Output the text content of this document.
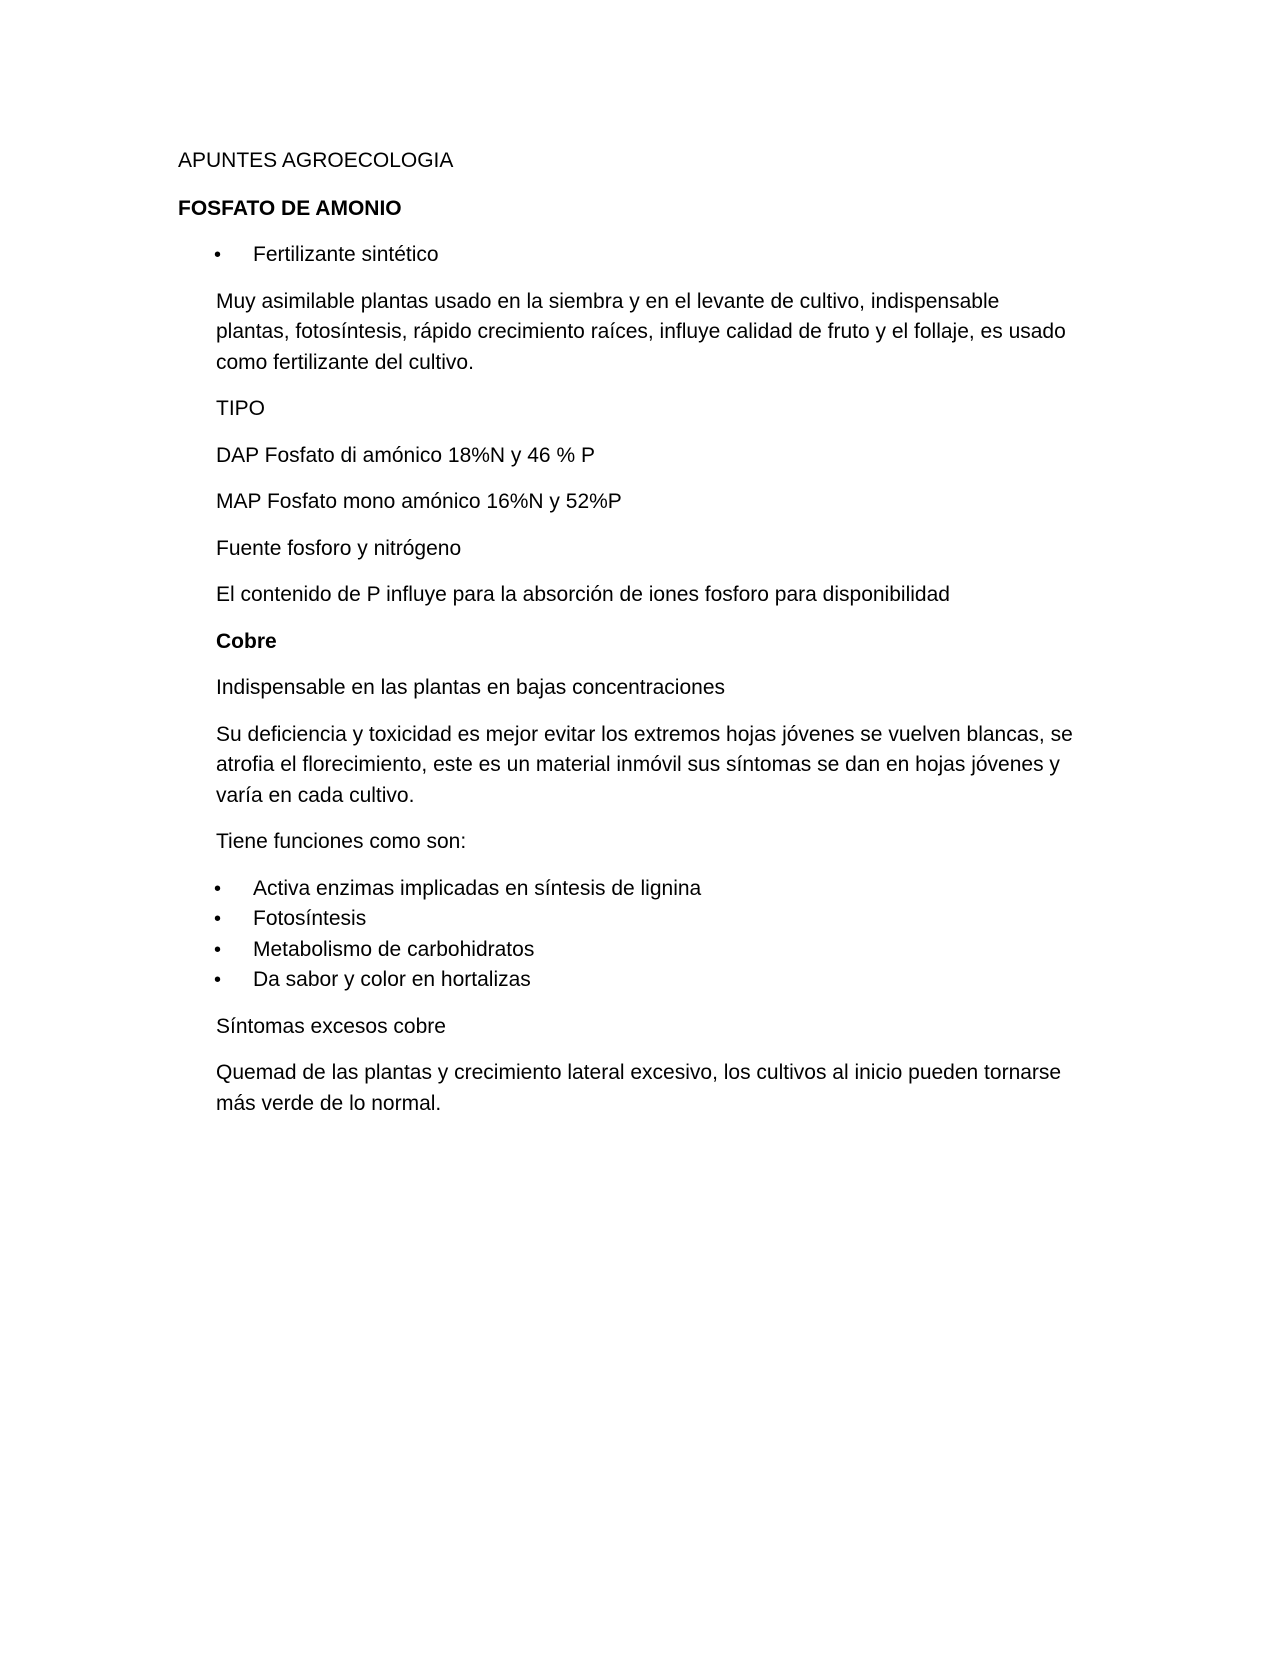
APUNTES AGROECOLOGIA

FOSFATO DE AMONIO

•	Fertilizante sintético

Muy asimilable plantas usado en la siembra y en el levante de cultivo, indispensable plantas, fotosíntesis, rápido crecimiento raíces, influye calidad de fruto y el follaje, es usado como fertilizante del cultivo.

TIPO

DAP Fosfato di amónico 18%N y 46 % P

MAP Fosfato mono amónico 16%N y 52%P

Fuente fosforo y nitrógeno

El contenido de P influye para la absorción de iones fosforo para disponibilidad

Cobre

Indispensable en las plantas en bajas concentraciones

Su deficiencia y toxicidad es mejor evitar los extremos hojas jóvenes se vuelven blancas, se atrofia el florecimiento, este es un material inmóvil sus síntomas se dan en hojas jóvenes y varía en cada cultivo.

Tiene funciones como son:

•	Activa enzimas implicadas en síntesis de lignina
•	Fotosíntesis
•	Metabolismo de carbohidratos
•	Da sabor y color en hortalizas

Síntomas excesos cobre

Quemad de las plantas y crecimiento lateral excesivo, los cultivos al inicio pueden tornarse más verde de lo normal.
